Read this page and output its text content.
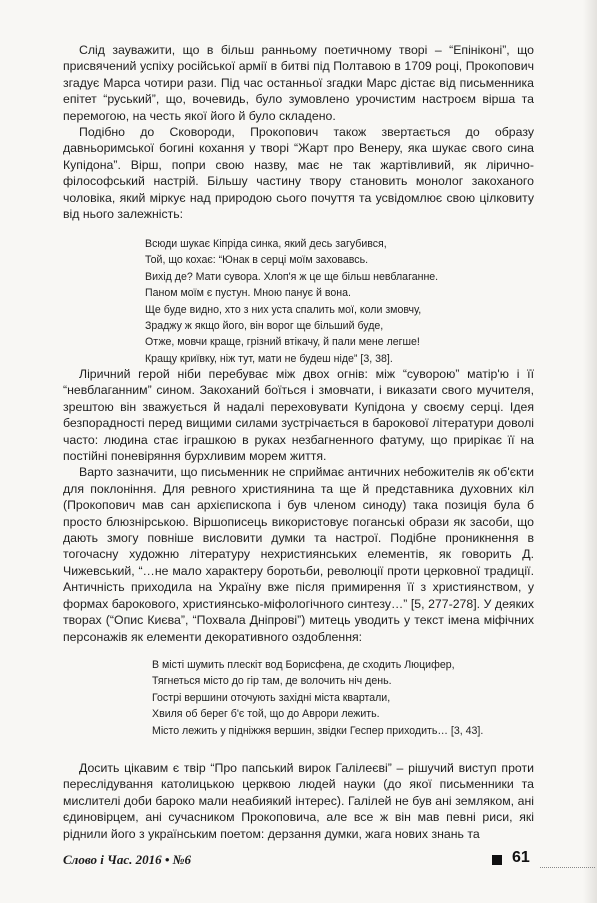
Слід зауважити, що в більш ранньому поетичному творі – “Епініконі”, що присвячений успіху російської армії в битві під Полтавою в 1709 році, Прокопович згадує Марса чотири рази. Під час останньої згадки Марс дістає від письменника епітет “руський”, що, вочевидь, було зумовлено урочистим настроєм вірша та перемогою, на честь якої його й було складено.

Подібно до Сковороди, Прокопович також звертається до образу давньоримської богині кохання у творі “Жарт про Венеру, яка шукає свого сина Купідона”. Вірш, попри свою назву, має не так жартівливий, як лірично-філософський настрій. Більшу частину твору становить монолог закоханого чоловіка, який міркує над природою сього почуття та усвідомлює свою цілковиту від нього залежність:

Всюди шукає Кіпріда синка, який десь загубився,
Той, що кохає: “Юнак в серці моїм заховавсь.
Вихід де? Мати сувора. Хлоп'я ж це ще більш невблаганне.
Паном моїм є пустун. Мною панує й вона.
Ще буде видно, хто з них уста спалить мої, коли змовчу,
Зраджу ж якщо його, він ворог ще більший буде,
Отже, мовчи краще, грізний втікачу, й пали мене легше!
Кращу криївку, ніж тут, мати не будеш ніде” [3, 38].

Ліричний герой ніби перебуває між двох огнів: між “суворою” матір'ю і її “невблаганним” сином. Закоханий боїться і змовчати, і виказати свого мучителя, зрештою він зважується й надалі переховувати Купідона у своєму серці. Ідея безпорадності перед вищими силами зустрічається в барокової літератури доволі часто: людина стає іграшкою в руках незбагненного фатуму, що прирікає її на постійні поневіряння бурхливим морем життя.

Варто зазначити, що письменник не сприймає античних небожителів як об'єкти для поклоніння. Для ревного християнина та ще й представника духовних кіл (Прокопович мав сан архієпископа і був членом синоду) така позиція була б просто блюзнірською. Віршописець використовує поганські образи як засоби, що дають змогу повніше висловити думки та настрої. Подібне проникнення в тогочасну художню літературу нехристиянських елементів, як говорить Д. Чижевський, “…не мало характеру боротьби, революції проти церковної традиції. Античність приходила на Україну вже після примирення її з християнством, у формах барокового, християнсько-міфологічного синтезу…” [5, 277-278]. У деяких творах (“Опис Києва”, “Похвала Дніпрові”) митець уводить у текст імена міфічних персонажів як елементи декоративного оздоблення:

В місті шумить плескіт вод Борисфена, де сходить Люцифер,
Тягнеться місто до гір там, де волочить ніч день.
Гострі вершини оточують західні міста квартали,
Хвиля об берег б'є той, що до Аврори лежить.
Місто лежить у підніжжя вершин, звідки Геспер приходить… [3, 43].

Досить цікавим є твір “Про папський вирок Галілеєві” – рішучий виступ проти переслідування католицькою церквою людей науки (до якої письменники та мислителі доби бароко мали неабиякий інтерес). Галілей не був ані земляком, ані єдиновірцем, ані сучасником Прокоповича, але все ж він мав певні риси, які ріднили його з українським поетом: дерзання думки, жага нових знань та

Слово і Час. 2016 • №6	61
